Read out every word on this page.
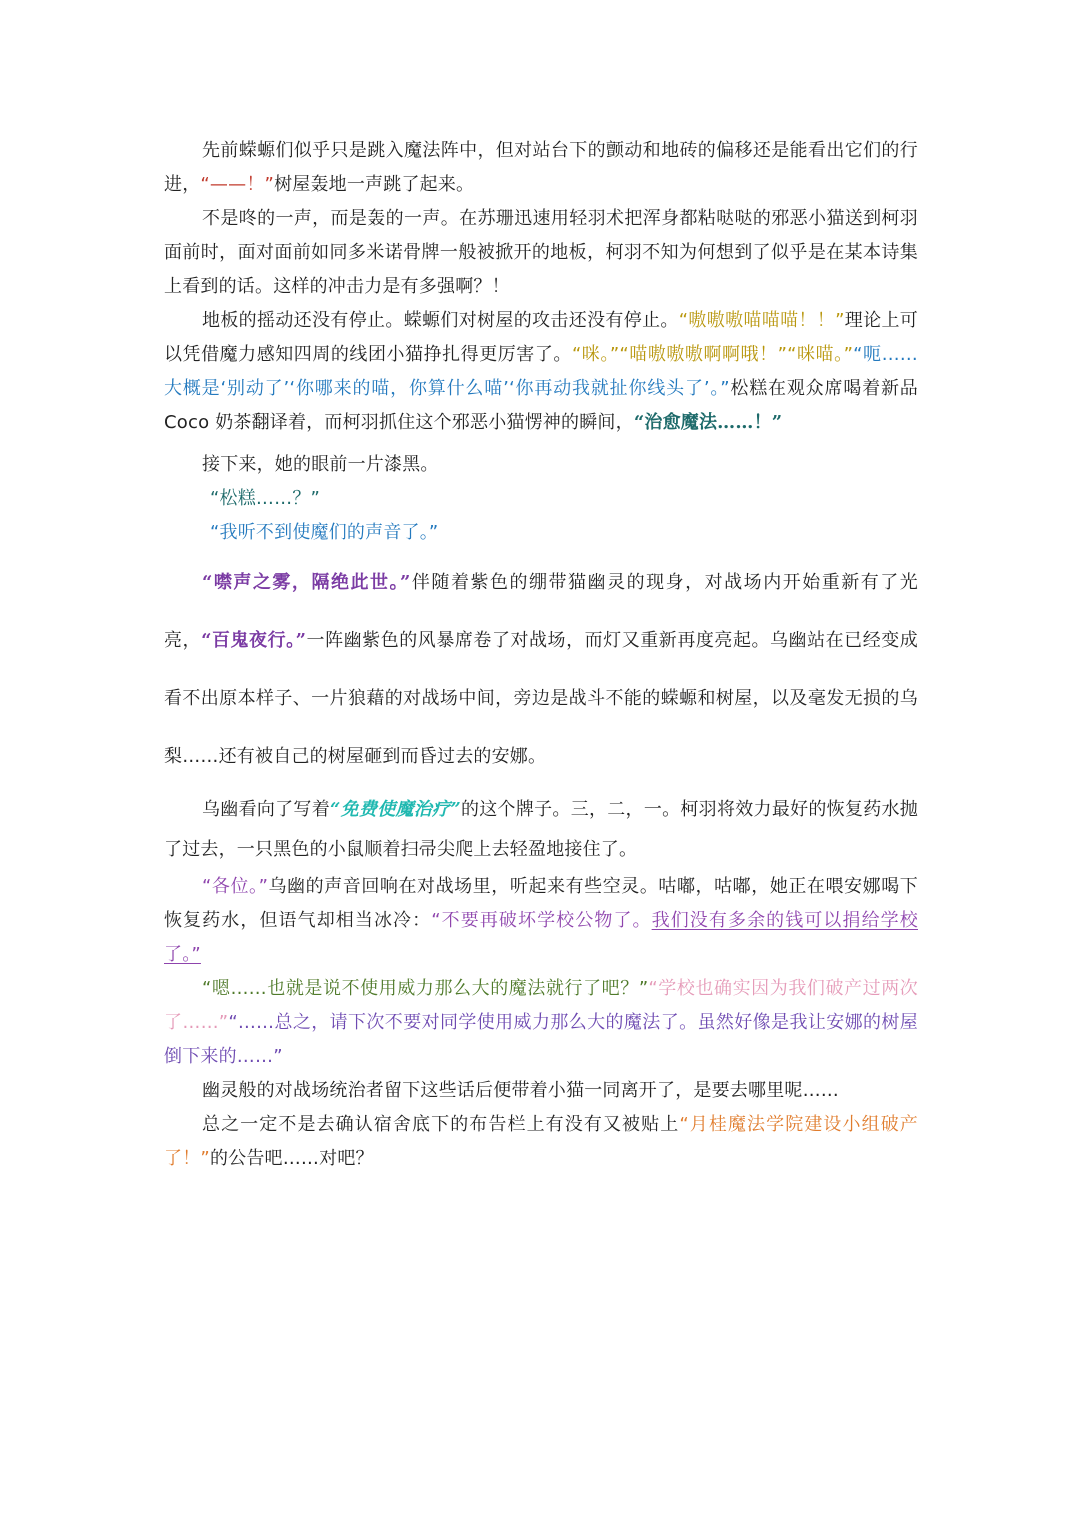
先前蝾螈们似乎只是跳入魔法阵中，但对站台下的颤动和地砖的偏移还是能看出它们的行进，“——！”树屋轰地一声跳了起来。

不是咚的一声，而是轰的一声。在苏珊迅速用轻羽术把浑身都粘哒哒的邪恶小猫送到柯羽面前时，面对面前如同多米诺骨牌一般被掀开的地板，柯羽不知为何想到了似乎是在某本诗集上看到的话。这样的冲击力是有多强啊？！

地板的摇动还没有停止。蝾螈们对树屋的攻击还没有停止。“嗷嗷嗷喵喵喵！！”理论上可以凭借魔力感知四周的线团小猫挣扎得更厉害了。“咪。”“喵嗷嗷嗷啊啊哦！”“咪喵。”“呃……大概是‘别动了’‘你哪来的喵，你算什么喵’‘你再动我就扯你线头了’。”松糕在观众席喝着新品 Coco 奶茶翻译着，而柯羽抓住这个邪恶小猫愣神的瞬间，“治愈魔法……！”

接下来，她的眼前一片漆黑。

“松糕……？”

“我听不到使魔们的声音了。”

“噤声之雾，隔绝此世。”伴随着紫色的绷带猫幽灵的现身，对战场内开始重新有了光亮，“百鬼夜行。”一阵幽紫色的风暴席卷了对战场，而灯又重新再度亮起。乌幽站在已经变成看不出原本样子、一片狼藉的对战场中间，旁边是战斗不能的蝾螈和树屋，以及毫发无损的乌梨……还有被自己的树屋砸到而昏过去的安娜。

乌幽看向了写着“免费使魔治疗”的这个牌子。三，二，一。柯羽将效力最好的恢复药水抛了过去，一只黑色的小鼠顺着扫帚尖爬上去轻盈地接住了。

“各位。”乌幽的声音回响在对战场里，听起来有些空灵。咕嘟，咕嘟，她正在喂安娜喝下恢复药水，但语气却相当冰冷：“不要再破坏学校公物了。我们没有多余的钱可以捐给学校了。”

“嗯……也就是说不使用威力那么大的魔法就行了吧？”“学校也确实因为我们破产过两次了……”“……总之，请下次不要对同学使用威力那么大的魔法了。虽然好像是我让安娜的树屋倒下来的……”

幽灵般的对战场统治者留下这些话后便带着小猫一同离开了，是要去哪里呢……

总之一定不是去确认宿舍底下的布告栏上有没有又被贴上“月桂魔法学院建设小组破产了！”的公告吧……对吧？
